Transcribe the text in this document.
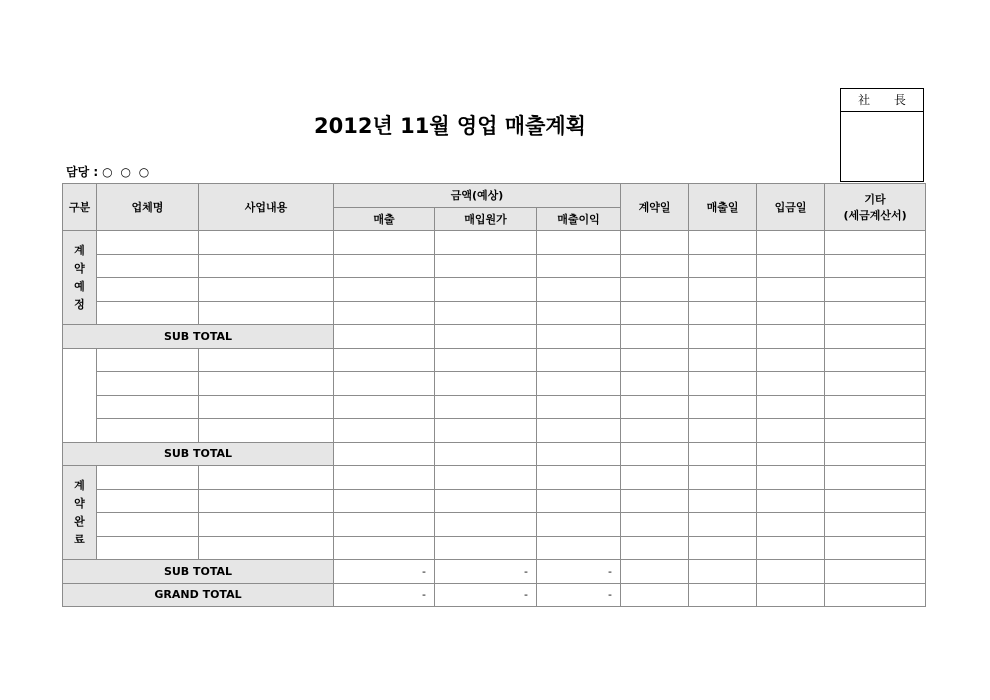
2012년 11월 영업 매출계획
社 長
담당 : ○ ○ ○
구분	업체명	사업내용	금액(예상)			계약일	매출일	입금일	기타
(세금계산서)
			매출	매입원가	매출이익				

계
약
예
정									

SUB TOTAL									

SUB TOTAL									

계
약
완
료									

SUB TOTAL			-	-	-				
GRAND TOTAL			-	-	-				
